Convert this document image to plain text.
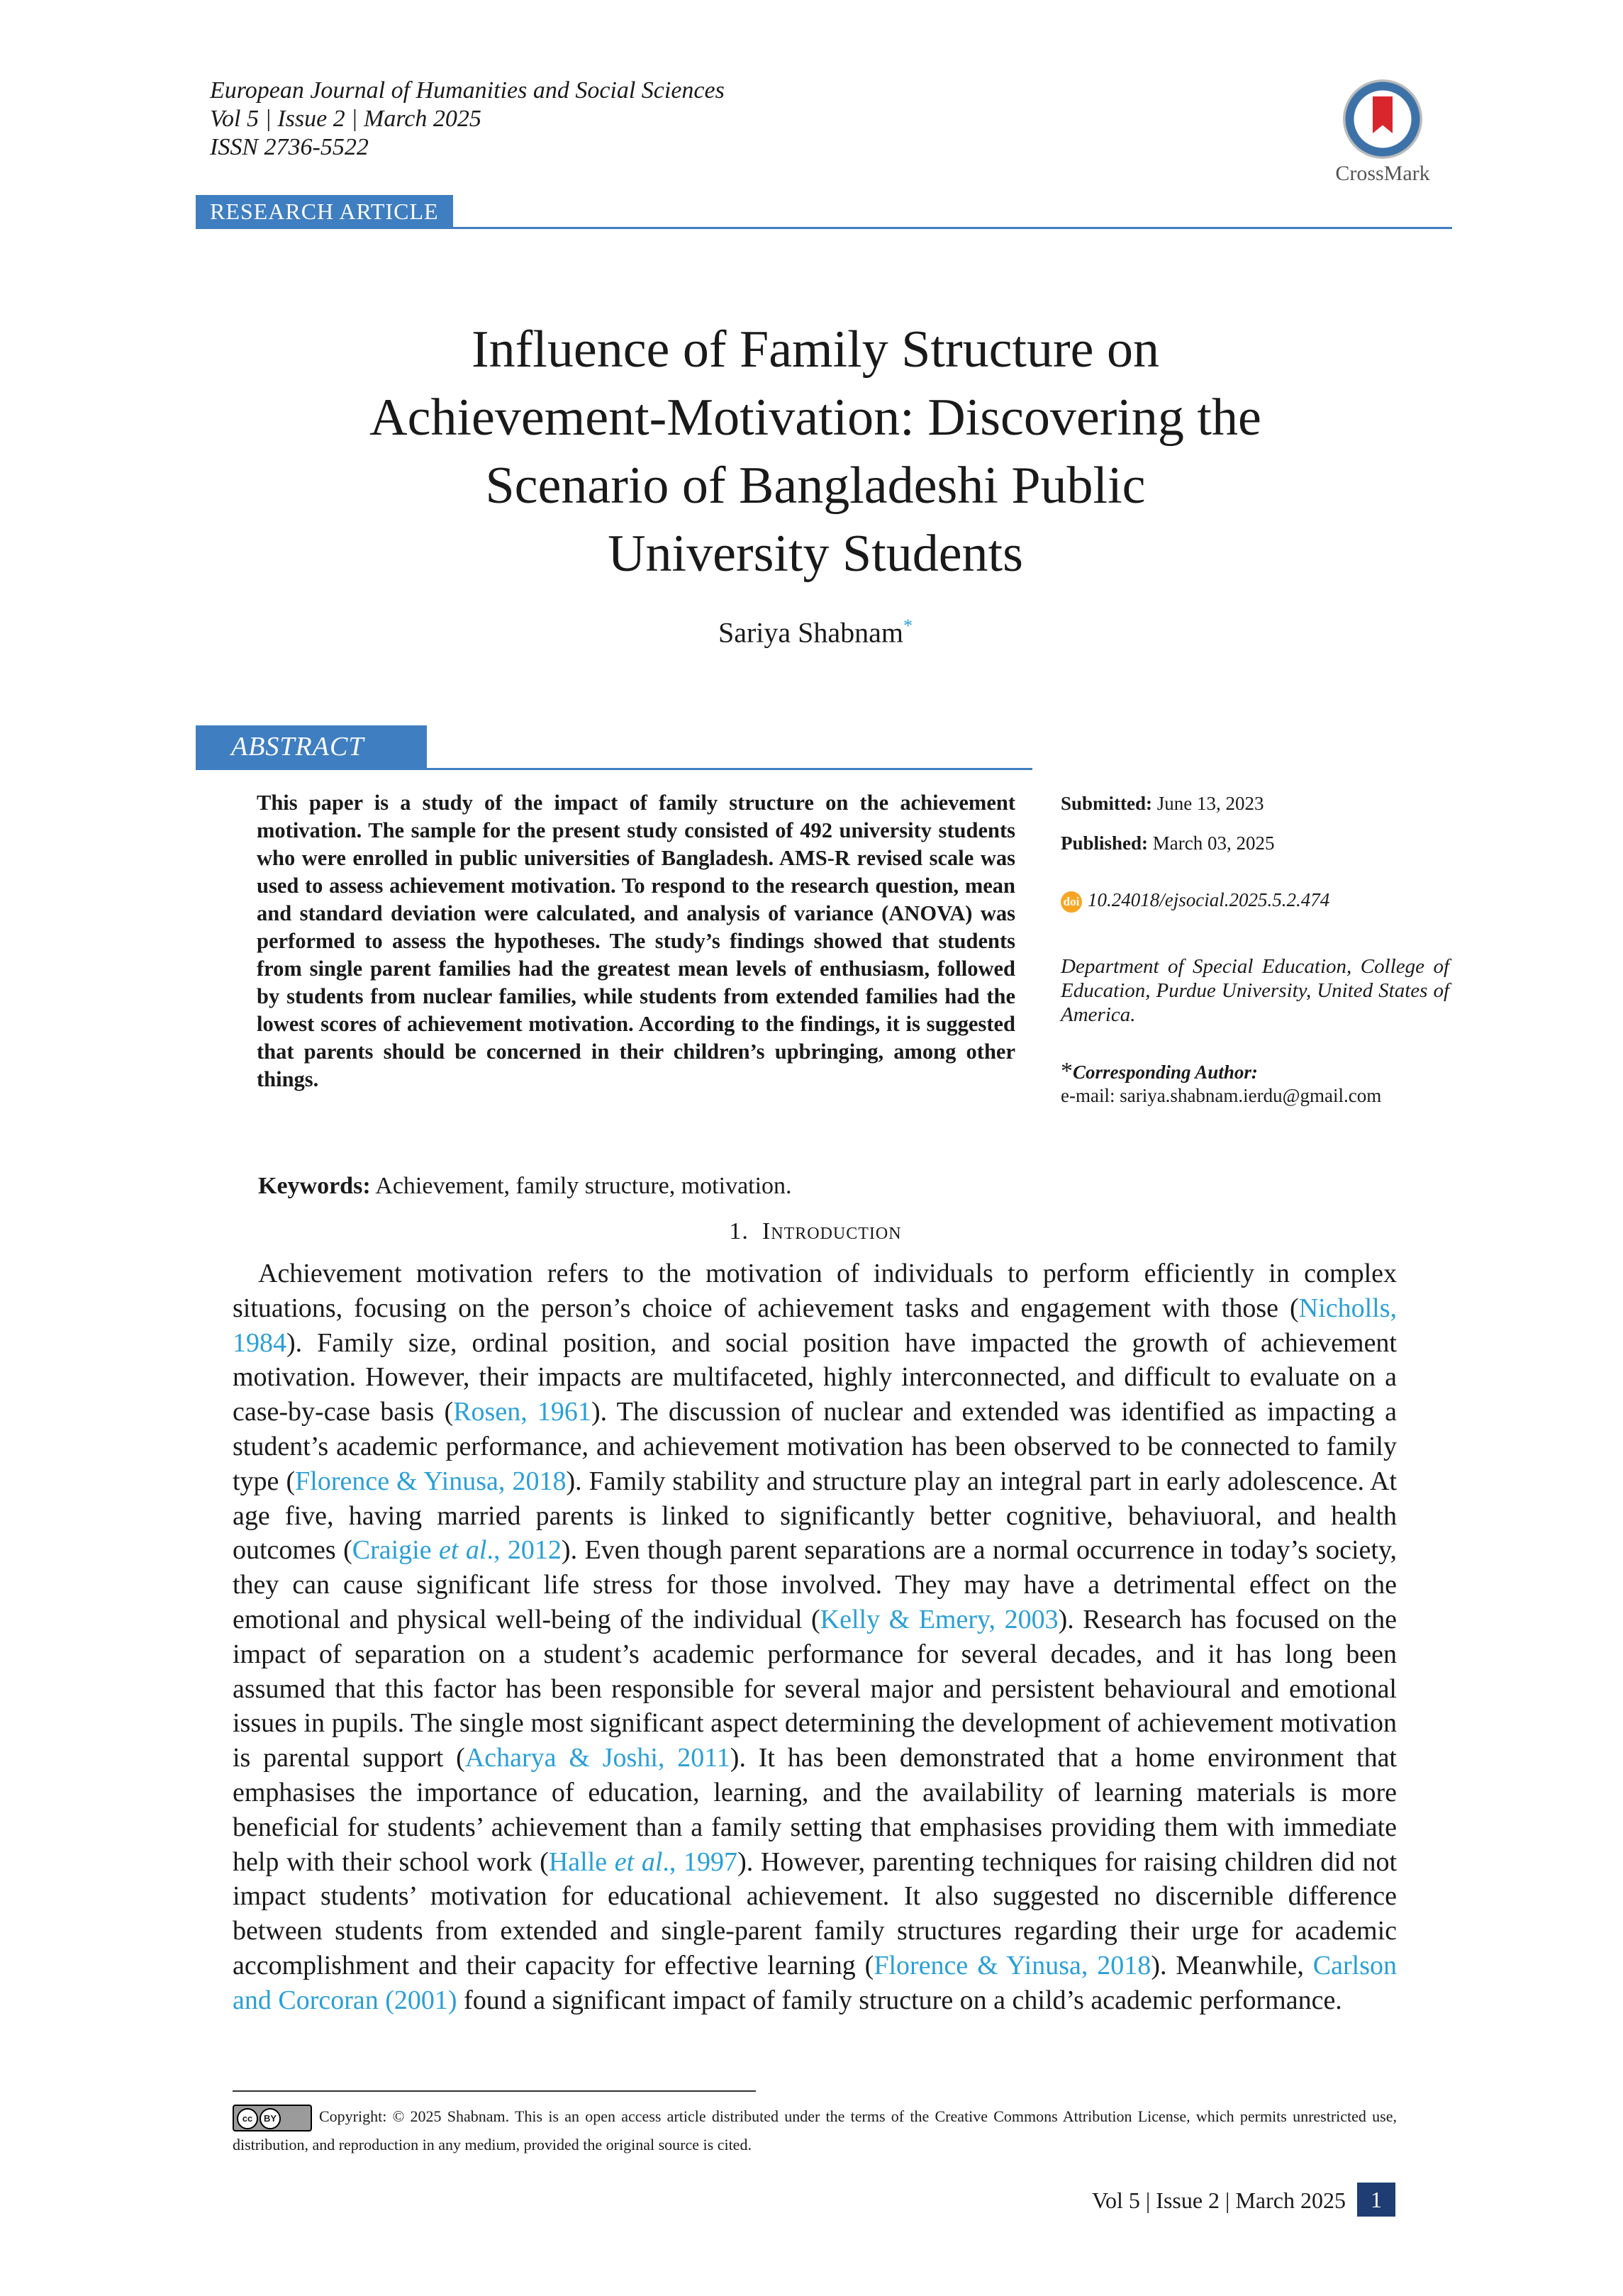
European Journal of Humanities and Social Sciences
Vol 5 | Issue 2 | March 2025
ISSN 2736-5522
CrossMark
RESEARCH ARTICLE
Influence of Family Structure on
Achievement-Motivation: Discovering the
Scenario of Bangladeshi Public
University Students
Sariya Shabnam*
ABSTRACT
This paper is a study of the impact of family structure on the achievement motivation. The sample for the present study consisted of 492 university students who were enrolled in public universities of Bangladesh. AMS-R revised scale was used to assess achievement motivation. To respond to the research question, mean and standard deviation were calculated, and analysis of variance (ANOVA) was performed to assess the hypotheses. The study’s findings showed that students from single parent families had the greatest mean levels of enthusiasm, followed by students from nuclear families, while students from extended families had the lowest scores of achievement motivation. According to the findings, it is suggested that parents should be concerned in their children’s upbringing, among other things.
Submitted: June 13, 2023
Published: March 03, 2025
doi 10.24018/ejsocial.2025.5.2.474
Department of Special Education, College of Education, Purdue University, United States of America.
*Corresponding Author:
e-mail: sariya.shabnam.ierdu@gmail.com
Keywords: Achievement, family structure, motivation.
1. Introduction
Achievement motivation refers to the motivation of individuals to perform efficiently in complex situations, focusing on the person’s choice of achievement tasks and engagement with those (Nicholls, 1984). Family size, ordinal position, and social position have impacted the growth of achievement motivation. However, their impacts are multifaceted, highly interconnected, and difficult to evaluate on a case-by-case basis (Rosen, 1961). The discussion of nuclear and extended was identified as impacting a student’s academic performance, and achievement motivation has been observed to be connected to family type (Florence & Yinusa, 2018). Family stability and structure play an integral part in early adolescence. At age five, having married parents is linked to significantly better cognitive, behaviuoral, and health outcomes (Craigie et al., 2012). Even though parent separations are a normal occurrence in today’s society, they can cause significant life stress for those involved. They may have a detrimental effect on the emotional and physical well-being of the individual (Kelly & Emery, 2003). Research has focused on the impact of separation on a student’s academic performance for several decades, and it has long been assumed that this factor has been responsible for several major and persistent behavioural and emotional issues in pupils. The single most significant aspect determining the development of achievement motivation is parental support (Acharya & Joshi, 2011). It has been demonstrated that a home environment that emphasises the importance of education, learning, and the availability of learning materials is more beneficial for students’ achievement than a family setting that emphasises providing them with immediate help with their school work (Halle et al., 1997). However, parenting techniques for raising children did not impact students’ motivation for educational achievement. It also suggested no discernible difference between students from extended and single-parent family structures regarding their urge for academic accomplishment and their capacity for effective learning (Florence & Yinusa, 2018). Meanwhile, Carlson and Corcoran (2001) found a significant impact of family structure on a child’s academic performance.
cc	BY	Copyright: © 2025 Shabnam. This is an open access article distributed under the terms of the Creative Commons Attribution License, which permits unrestricted use, distribution, and reproduction in any medium, provided the original source is cited.
Vol 5 | Issue 2 | March 2025	1
